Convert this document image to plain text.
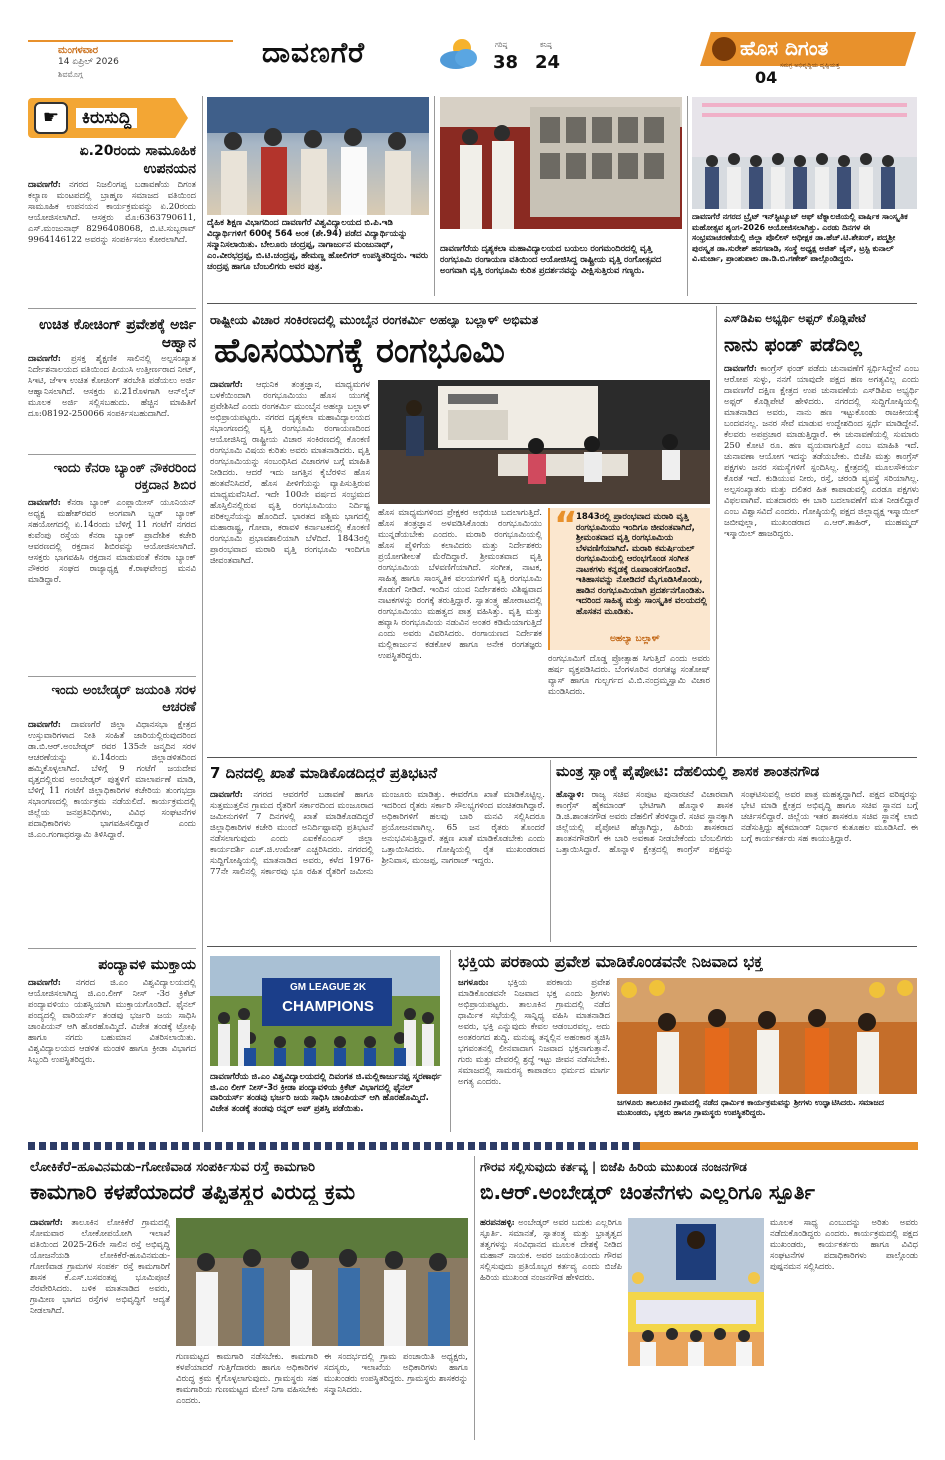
ಮಂಗಳವಾರ
14 ಏಪ್ರಿಲ್ 2026
ಶಿವಮೊಗ್ಗ
ದಾವಣಗೆರೆ	ಗರಿಷ್ಠ
38
ಕನಿಷ್ಠ
24
ಹೊಸ ದಿಗಂತ
ಸಮಗ್ರ ಅಭಿವೃದ್ಧಿಯ ದೃಷ್ಟಿಯತ್ತ
04
☛	ಕಿರುಸುದ್ದಿ
ಏ.20ರಂದು ಸಾಮೂಹಿಕ ಉಪನಯನ
ದಾವಣಗೆರೆ: ನಗರದ ನಿಜಲಿಂಗಪ್ಪ ಬಡಾವಣೆಯ ದಿಗಂತ ಕಲ್ಯಾಣ ಮಂಟಪದಲ್ಲಿ ಬ್ರಾಹ್ಮಣ ಸಮಾಜದ ವತಿಯಿಂದ ಸಾಮೂಹಿಕ ಉಪನಯನ ಕಾರ್ಯಕ್ರಮವನ್ನು ಏ.20ರಂದು ಆಯೋಜಿಸಲಾಗಿದೆ. ಆಸಕ್ತರು ಮೊ:6363790611, ಎಸ್.ಮಂಜುನಾಥ್ 8296408068, ಬಿ.ಟಿ.ಸುಬ್ಬರಾವ್ 9964146122 ಅವರನ್ನು ಸಂಪರ್ಕಿಸಲು ಕೋರಲಾಗಿದೆ.
ಉಚಿತ ಕೋಚಿಂಗ್ ಪ್ರವೇಶಕ್ಕೆ ಅರ್ಜಿ ಆಹ್ವಾನ
ದಾವಣಗೆರೆ: ಪ್ರಸಕ್ತ ಶೈಕ್ಷಣಿಕ ಸಾಲಿನಲ್ಲಿ ಅಲ್ಪಸಂಖ್ಯಾತ ನಿರ್ದೇಶನಾಲಯದ ವತಿಯಿಂದ ಪಿಯುಸಿ ಉತ್ತೀರ್ಣರಾದ ನೀಟ್, ಸಿಇಟಿ, ಜೆಇಇ ಉಚಿತ ಕೋಚಿಂಗ್ ತರಬೇತಿ ಪಡೆಯಲು ಅರ್ಜಿ ಆಹ್ವಾನಿಸಲಾಗಿದೆ. ಆಸಕ್ತರು ಏ.21ರೊಳಗಾಗಿ ಆನ್‌ಲೈನ್ ಮೂಲಕ ಅರ್ಜಿ ಸಲ್ಲಿಸಬಹುದು. ಹೆಚ್ಚಿನ ಮಾಹಿತಿಗೆ ದೂ:08192-250066 ಸಂಪರ್ಕಿಸಬಹುದಾಗಿದೆ.
ಇಂದು ಕೆನರಾ ಬ್ಯಾಂಕ್ ನೌಕರರಿಂದ ರಕ್ತದಾನ ಶಿಬಿರ
ದಾವಣಗೆರೆ: ಕೆನರಾ ಬ್ಯಾಂಕ್ ಎಂಪ್ಲಾಯೀಸ್ ಯೂನಿಯನ್ ಅಧ್ಯಕ್ಷ ಮಹೇಶ್‌ರವರ ಅಂಗವಾಗಿ ಬ್ಲಡ್ ಬ್ಯಾಂಕ್ ಸಹಯೋಗದಲ್ಲಿ ಏ.14ರಂದು ಬೆಳಿಗ್ಗೆ 11 ಗಂಟೆಗೆ ನಗರದ ಕುವೆಂಪು ರಸ್ತೆಯ ಕೆನರಾ ಬ್ಯಾಂಕ್ ಪ್ರಾದೇಶಿಕ ಕಚೇರಿ ಆವರಣದಲ್ಲಿ ರಕ್ತದಾನ ಶಿಬಿರವನ್ನು ಆಯೋಜಿಸಲಾಗಿದೆ. ಆಸಕ್ತರು ಭಾಗವಹಿಸಿ ರಕ್ತದಾನ ಮಾಡುವಂತೆ ಕೆನರಾ ಬ್ಯಾಂಕ್ ನೌಕರರ ಸಂಘದ ರಾಜ್ಯಾಧ್ಯಕ್ಷ ಕೆ.ರಾಘವೇಂದ್ರ ಮನವಿ ಮಾಡಿದ್ದಾರೆ.
ಇಂದು ಅಂಬೇಡ್ಕರ್ ಜಯಂತಿ ಸರಳ ಆಚರಣೆ
ದಾವಣಗೆರೆ: ದಾವಣಗೆರೆ ಜಿಲ್ಲಾ ವಿಧಾನಸಭಾ ಕ್ಷೇತ್ರದ ಉಸ್ತುವಾರಿಗಳಾದ ನೀತಿ ಸಂಹಿತೆ ಜಾರಿಯಲ್ಲಿರುವುದರಿಂದ ಡಾ.ಬಿ.ಆರ್.ಅಂಬೇಡ್ಕರ್ ರವರ 135ನೇ ಜನ್ಮದಿನ ಸರಳ ಆಚರಣೆಯನ್ನು ಏ.14ರಂದು ಜಿಲ್ಲಾಡಳಿತದಿಂದ ಹಮ್ಮಿಕೊಳ್ಳಲಾಗಿದೆ. ಬೆಳಿಗ್ಗೆ 9 ಗಂಟೆಗೆ ಜಯದೇವ ವೃತ್ತದಲ್ಲಿರುವ ಅಂಬೇಡ್ಕರ್ ಪುತ್ಥಳಿಗೆ ಮಾಲಾರ್ಪಣೆ ಮಾಡಿ, ಬೆಳಿಗ್ಗೆ 11 ಗಂಟೆಗೆ ಜಿಲ್ಲಾಧಿಕಾರಿಗಳ ಕಚೇರಿಯ ತುಂಗಭದ್ರಾ ಸಭಾಂಗಣದಲ್ಲಿ ಕಾರ್ಯಕ್ರಮ ನಡೆಯಲಿದೆ. ಕಾರ್ಯಕ್ರಮದಲ್ಲಿ ಜಿಲ್ಲೆಯ ಜನಪ್ರತಿನಿಧಿಗಳು, ವಿವಿಧ ಸಂಘಟನೆಗಳ ಪದಾಧಿಕಾರಿಗಳು ಭಾಗವಹಿಸಲಿದ್ದಾರೆ ಎಂದು ಜಿ.ಎಂ.ಗಂಗಾಧರಸ್ವಾಮಿ ತಿಳಿಸಿದ್ದಾರೆ.
ಪಂದ್ಯಾವಳಿ ಮುಕ್ತಾಯ
ದಾವಣಗೆರೆ: ನಗರದ ಜಿ.ಎಂ ವಿಶ್ವವಿದ್ಯಾಲಯದಲ್ಲಿ ಆಯೋಜಿಸಲಾಗಿದ್ದ ಜಿ.ಎಂ.ಲೀಗ್ ನೀಸ್ -3ರ ಕ್ರಿಕೆಟ್ ಪಂದ್ಯಾವಳಿಯು ಯಶಸ್ವಿಯಾಗಿ ಮುಕ್ತಾಯಗೊಂಡಿದೆ. ಫೈನಲ್ ಪಂದ್ಯದಲ್ಲಿ ವಾರಿಯರ್ಸ್ ತಂಡವು ಭರ್ಜರಿ ಜಯ ಸಾಧಿಸಿ ಚಾಂಪಿಯನ್ ಆಗಿ ಹೊರಹೊಮ್ಮಿದೆ. ವಿಜೇತ ತಂಡಕ್ಕೆ ಟ್ರೋಫಿ ಹಾಗೂ ನಗದು ಬಹುಮಾನ ವಿತರಿಸಲಾಯಿತು. ವಿಶ್ವವಿದ್ಯಾಲಯದ ಆಡಳಿತ ಮಂಡಳಿ ಹಾಗೂ ಕ್ರೀಡಾ ವಿಭಾಗದ ಸಿಬ್ಬಂದಿ ಉಪಸ್ಥಿತರಿದ್ದರು.
ದೈಹಿಕ ಶಿಕ್ಷಣ ವಿಭಾಗದಿಂದ ದಾವಣಗೆರೆ ವಿಶ್ವವಿದ್ಯಾಲಯದ ಬಿ.ಪಿ.ಇಡಿ ವಿದ್ಯಾರ್ಥಿಗಳಿಗೆ 600ಕ್ಕೆ 564 ಅಂಕ (ಶೇ.94) ಪಡೆದ ವಿದ್ಯಾರ್ಥಿಯನ್ನು ಸನ್ಮಾನಿಸಲಾಯಿತು. ಬೇಲೂರು ಚಂದ್ರಪ್ಪ, ನಾಗಾರ್ಜುನ ಮಂಜುನಾಥ್, ಎಂ.ವೀರಭದ್ರಪ್ಪ, ಬಿ.ಟಿ.ಚಂದ್ರಪ್ಪ, ಹೇಮಣ್ಣ ಹೋಲಿಗರ್ ಉಪಸ್ಥಿತರಿದ್ದರು. ಇವರು ಚಂದ್ರಪ್ಪ ಹಾಗೂ ಬೆಂಬಲಿಗರು ಅವರ ಪುತ್ರ.
ದಾವಣಗೆರೆಯ ದೃಶ್ಯಕಲಾ ಮಹಾವಿದ್ಯಾಲಯದ ಬಯಲು ರಂಗಮಂದಿರದಲ್ಲಿ ವೃತ್ತಿ ರಂಗಭೂಮಿ ರಂಗಾಯಣ ವತಿಯಿಂದ ಆಯೋಜಿಸಿದ್ದ ರಾಷ್ಟ್ರೀಯ ವೃತ್ತಿ ರಂಗೋತ್ಸವದ ಅಂಗವಾಗಿ ವೃತ್ತಿ ರಂಗಭೂಮಿ ಕುರಿತ ಪ್ರದರ್ಶನವನ್ನು ವೀಕ್ಷಿಸುತ್ತಿರುವ ಗಣ್ಯರು.
ದಾವಣಗೆರೆ ನಗರದ ಬ್ರೈಟ್ ಇನ್‌ಸ್ಟಿಟ್ಯೂಟ್ ಆಫ್ ಟೆಕ್ನಾಲಜಿಯಲ್ಲಿ ವಾರ್ಷಿಕ ಸಾಂಸ್ಕೃತಿಕ ಮಹೋತ್ಸವ ಶೃಂಗ-2026 ಆಯೋಜಿಸಲಾಗಿತ್ತು. ಎರಡು ದಿನಗಳ ಈ ಸಂಭ್ರಮಾಚರಣೆಯಲ್ಲಿ ಜಿಲ್ಲಾ ಪೊಲೀಸ್ ಅಧೀಕ್ಷಕ ಡಾ.ಹೆಚ್.ಟಿ.ಶೇಖರ್, ಪದ್ಮಶ್ರೀ ಪುರಸ್ಕೃತ ಡಾ.ಸುರೇಶ್ ಹನಗವಾಡಿ, ಸಂಸ್ಥೆ ಅಧ್ಯಕ್ಷ ಅಜಿತ್ ಜೈನ್, ಟ್ರಸ್ಟಿ ಕುನಾಲ್ ವಿ.ಮರ್ಚಾ, ಪ್ರಾಂಶುಪಾಲ ಡಾ.ಡಿ.ಬಿ.ಗಣೇಶ್ ಪಾಲ್ಗೊಂಡಿದ್ದರು.
ರಾಷ್ಟ್ರೀಯ ವಿಚಾರ ಸಂಕಿರಣದಲ್ಲಿ ಮುಂಬೈನ ರಂಗಕರ್ಮಿ ಅಹಲ್ಯಾ ಬಲ್ಲಾಳ್ ಅಭಿಮತ
ಹೊಸಯುಗಕ್ಕೆ ರಂಗಭೂಮಿ
ದಾವಣಗೆರೆ: ಆಧುನಿಕ ತಂತ್ರಜ್ಞಾನ, ಮಾಧ್ಯಮಗಳ ಬಳಕೆಯಿಂದಾಗಿ ರಂಗಭೂಮಿಯು ಹೊಸ ಯುಗಕ್ಕೆ ಪ್ರವೇಶಿಸಿದೆ ಎಂದು ರಂಗಕರ್ಮಿ ಮುಂಬೈನ ಅಹಲ್ಯಾ ಬಲ್ಲಾಳ್ ಅಭಿಪ್ರಾಯಪಟ್ಟರು. ನಗರದ ದೃಶ್ಯಕಲಾ ಮಹಾವಿದ್ಯಾಲಯದ ಸಭಾಂಗಣದಲ್ಲಿ ವೃತ್ತಿ ರಂಗಭೂಮಿ ರಂಗಾಯಣದಿಂದ ಆಯೋಜಿಸಿದ್ದ ರಾಷ್ಟ್ರೀಯ ವಿಚಾರ ಸಂಕಿರಣದಲ್ಲಿ ಕೊಂಕಣಿ ರಂಗಭೂಮಿ ವಿಷಯ ಕುರಿತು ಅವರು ಮಾತನಾಡಿದರು. ವೃತ್ತಿ ರಂಗಭೂಮಿಯನ್ನು ಸಂಬಂಧಿಸಿದ ವಿಚಾರಗಳ ಬಗ್ಗೆ ಮಾಹಿತಿ ನೀಡಿದರು. ಆದರೆ ಇದು ಜಗತ್ತಿನ ಕೈಬೆರಳಿನ ಹೊಸ ಹಂತವೆನಿಸಿದರೆ, ಹೊಸ ಪೀಳಿಗೆಯನ್ನು ವ್ಯಾಪಿಸುತ್ತಿರುವ ಮಾಧ್ಯಮವೆನಿಸಿದೆ. ಇದೇ 100ನೇ ವರ್ಷದ ಸಂಭ್ರಮದ ಹೊಸ್ತಿಲಿನಲ್ಲಿರುವ ವೃತ್ತಿ ರಂಗಭೂಮಿಯು ನಿರ್ದಿಷ್ಟ ಪರಿಕಲ್ಪನೆಯನ್ನು ಹೊಂದಿದೆ. ಭಾರತದ ಪಶ್ಚಿಮ ಭಾಗದಲ್ಲಿ ಮಹಾರಾಷ್ಟ್ರ, ಗೋವಾ, ಕರಾವಳಿ ಕರ್ನಾಟಕದಲ್ಲಿ ಕೊಂಕಣಿ ರಂಗಭೂಮಿ ಪ್ರಭಾವಶಾಲಿಯಾಗಿ ಬೆಳೆದಿದೆ. 1843ರಲ್ಲಿ ಪ್ರಾರಂಭವಾದ ಮರಾಠಿ ವೃತ್ತಿ ರಂಗಭೂಮಿ ಇಂದಿಗೂ ಜೀವಂತವಾಗಿದೆ.
ಹೊಸ ಮಾಧ್ಯಮಗಳಿಂದ ಪ್ರೇಕ್ಷಕರ ಅಭಿರುಚಿ ಬದಲಾಗುತ್ತಿದೆ. ಹೊಸ ತಂತ್ರಜ್ಞಾನ ಅಳವಡಿಸಿಕೊಂಡು ರಂಗಭೂಮಿಯು ಮುನ್ನಡೆಯಬೇಕು ಎಂದರು. ಮರಾಠಿ ರಂಗಭೂಮಿಯಲ್ಲಿ ಹೊಸ ಪೈಳಿಗೆಯ ಕಲಾವಿದರು ಮತ್ತು ನಿರ್ದೇಶಕರು ಪ್ರಯೋಗಶೀಲತೆ ಮೆರೆದಿದ್ದಾರೆ. ಶ್ರೀಮಂತವಾದ ವೃತ್ತಿ ರಂಗಭೂಮಿಯ ಬೆಳವಣಿಗೆಯಾಗಿದೆ. ಸಂಗೀತ, ನಾಟಕ, ಸಾಹಿತ್ಯ ಹಾಗೂ ಸಾಂಸ್ಕೃತಿಕ ವಲಯಗಳಿಗೆ ವೃತ್ತಿ ರಂಗಭೂಮಿ ಕೊಡುಗೆ ನೀಡಿದೆ. ಇಂದಿನ ಯುವ ನಿರ್ದೇಶಕರು ವಿಶಿಷ್ಟವಾದ ನಾಟಕಗಳನ್ನು ರಂಗಕ್ಕೆ ತರುತ್ತಿದ್ದಾರೆ. ಸ್ವಾತಂತ್ರ್ಯ ಹೋರಾಟದಲ್ಲಿ ರಂಗಭೂಮಿಯು ಮಹತ್ವದ ಪಾತ್ರ ವಹಿಸಿತ್ತು. ವೃತ್ತಿ ಮತ್ತು ಹವ್ಯಾಸಿ ರಂಗಭೂಮಿಯ ನಡುವಿನ ಅಂತರ ಕಡಿಮೆಯಾಗುತ್ತಿದೆ ಎಂದು ಅವರು ವಿವರಿಸಿದರು. ರಂಗಾಯಣದ ನಿರ್ದೇಶಕ ಮಲ್ಲಿಕಾರ್ಜುನ ಕಡಕೋಳ ಹಾಗೂ ಅನೇಕ ರಂಗತಜ್ಞರು ಉಪಸ್ಥಿತರಿದ್ದರು.
“
1843ರಲ್ಲಿ ಪ್ರಾರಂಭವಾದ ಮರಾಠಿ ವೃತ್ತಿ ರಂಗಭೂಮಿಯು ಇಂದಿಗೂ ಜೀವಂತವಾಗಿದೆ, ಶ್ರೀಮಂತವಾದ ವೃತ್ತಿ ರಂಗಭೂಮಿಯ ಬೆಳವಣಿಗೆಯಾಗಿದೆ. ಮರಾಠಿ ಕಮರ್ಷಿಯಲ್ ರಂಗಭೂಮಿಯಲ್ಲಿ ಆರಂಭಗೊಂಡ ಸಂಗೀತ ನಾಟಕಗಳು ಕನ್ನಡಕ್ಕೆ ರೂಪಾಂತರಗೊಂಡಿವೆ. ಇತಿಹಾಸವನ್ನು ನೋಡಿದರೆ ಮೈಗೂಡಿಸಿಕೊಂಡು, ಹಾಡಿನ ರಂಗಭೂಮಿಯಾಗಿ ಪ್ರದರ್ಶನಗೊಂಡಿತು. ಇದರಿಂದ ಸಾಹಿತ್ಯ ಮತ್ತು ಸಾಂಸ್ಕೃತಿಕ ವಲಯದಲ್ಲಿ ಹೊಸತನ ಮೂಡಿತು.
ಅಹಲ್ಯಾ ಬಲ್ಲಾಳ್
ರಂಗಭೂಮಿಗೆ ದೊಡ್ಡ ಪ್ರೋತ್ಸಾಹ ಸಿಗುತ್ತಿದೆ ಎಂದು ಅವರು ಹರ್ಷ ವ್ಯಕ್ತಪಡಿಸಿದರು. ಬೆಂಗಳೂರಿನ ರಂಗತಜ್ಞ ಸಂತೋಷ್ ವ್ಯಾಸ್ ಹಾಗೂ ಗುಲ್ಬರ್ಗದ ವಿ.ಬಿ.ನಂದ್ರಮ್ಮಸ್ವಾಮಿ ವಿಚಾರ ಮಂಡಿಸಿದರು.
ಎಸ್‌ಡಿಪಿಐ ಅಭ್ಯರ್ಥಿ ಅಫ್ಸರ್ ಕೊಡ್ಲಿಪೇಟೆ
ನಾನು ಫಂಡ್ ಪಡೆದಿಲ್ಲ
ದಾವಣಗೆರೆ: ಕಾಂಗ್ರೆಸ್ ಫಂಡ್ ಪಡೆದು ಚುನಾವಣೆಗೆ ಸ್ಪರ್ಧಿಸಿದ್ದೇನೆ ಎಂಬ ಆರೋಪ ಸುಳ್ಳು, ನನಗೆ ಯಾವುದೇ ಪಕ್ಷದ ಹಣ ಅಗತ್ಯವಿಲ್ಲ ಎಂದು ದಾವಣಗೆರೆ ದಕ್ಷಿಣ ಕ್ಷೇತ್ರದ ಉಪ ಚುನಾವಣೆಯ ಎಸ್‌ಡಿಪಿಐ ಅಭ್ಯರ್ಥಿ ಅಫ್ಸರ್ ಕೊಡ್ಲಿಪೇಟೆ ಹೇಳಿದರು. ನಗರದಲ್ಲಿ ಸುದ್ದಿಗೋಷ್ಠಿಯಲ್ಲಿ ಮಾತನಾಡಿದ ಅವರು, ನಾನು ಹಣ ಇಟ್ಟುಕೊಂಡು ರಾಜಕೀಯಕ್ಕೆ ಬಂದವನಲ್ಲ. ಜನರ ಸೇವೆ ಮಾಡುವ ಉದ್ದೇಶದಿಂದ ಸ್ಪರ್ಧೆ ಮಾಡಿದ್ದೇನೆ. ಕೆಲವರು ಅಪಪ್ರಚಾರ ಮಾಡುತ್ತಿದ್ದಾರೆ. ಈ ಚುನಾವಣೆಯಲ್ಲಿ ಸುಮಾರು 250 ಕೋಟಿ ರೂ. ಹಣ ವ್ಯಯವಾಗುತ್ತಿದೆ ಎಂಬ ಮಾಹಿತಿ ಇದೆ. ಚುನಾವಣಾ ಆಯೋಗ ಇದನ್ನು ತಡೆಯಬೇಕು. ಬಿಜೆಪಿ ಮತ್ತು ಕಾಂಗ್ರೆಸ್ ಪಕ್ಷಗಳು ಜನರ ಸಮಸ್ಯೆಗಳಿಗೆ ಸ್ಪಂದಿಸಿಲ್ಲ. ಕ್ಷೇತ್ರದಲ್ಲಿ ಮೂಲಸೌಕರ್ಯ ಕೊರತೆ ಇದೆ. ಕುಡಿಯುವ ನೀರು, ರಸ್ತೆ, ಚರಂಡಿ ವ್ಯವಸ್ಥೆ ಸರಿಯಾಗಿಲ್ಲ. ಅಲ್ಪಸಂಖ್ಯಾತರು ಮತ್ತು ದಲಿತರ ಹಿತ ಕಾಪಾಡುವಲ್ಲಿ ಎರಡೂ ಪಕ್ಷಗಳು ವಿಫಲವಾಗಿವೆ. ಮತದಾರರು ಈ ಬಾರಿ ಬದಲಾವಣೆಗೆ ಮತ ನೀಡಲಿದ್ದಾರೆ ಎಂಬ ವಿಶ್ವಾಸವಿದೆ ಎಂದರು. ಗೋಷ್ಠಿಯಲ್ಲಿ ಪಕ್ಷದ ಜಿಲ್ಲಾಧ್ಯಕ್ಷ ಇಸ್ಮಾಯಿಲ್ ಜಬೀವುಲ್ಲಾ, ಮುಖಂಡರಾದ ಎ.ಆರ್.ತಾಹಿರ್, ಮುಹಮ್ಮದ್ ಇಸ್ಮಾಯಿಲ್ ಹಾಜರಿದ್ದರು.
7 ದಿನದಲ್ಲಿ ಖಾತೆ ಮಾಡಿಕೊಡದಿದ್ದರೆ ಪ್ರತಿಭಟನೆ
ದಾವಣಗೆರೆ: ನಗರದ ಆವರಗೆರೆ ಬಡಾವಣೆ ಹಾಗೂ ಸುತ್ತಮುತ್ತಲಿನ ಗ್ರಾಮದ ರೈತರಿಗೆ ಸರ್ಕಾರದಿಂದ ಮಂಜೂರಾದ ಜಮೀನುಗಳಿಗೆ 7 ದಿನಗಳಲ್ಲಿ ಖಾತೆ ಮಾಡಿಕೊಡದಿದ್ದರೆ ಜಿಲ್ಲಾಧಿಕಾರಿಗಳ ಕಚೇರಿ ಮುಂದೆ ಅನಿರ್ದಿಷ್ಟಾವಧಿ ಪ್ರತಿಭಟನೆ ನಡೆಸಲಾಗುವುದು ಎಂದು ಎಐಕೆಕೆಎಂಎಸ್ ಜಿಲ್ಲಾ ಕಾರ್ಯದರ್ಶಿ ಎಚ್.ಜಿ.ಉಮೇಶ್ ಎಚ್ಚರಿಸಿದರು. ನಗರದಲ್ಲಿ ಸುದ್ದಿಗೋಷ್ಠಿಯಲ್ಲಿ ಮಾತನಾಡಿದ ಅವರು, ಕಳೆದ 1976-77ನೇ ಸಾಲಿನಲ್ಲಿ ಸರ್ಕಾರವು ಭೂ ರಹಿತ ರೈತರಿಗೆ ಜಮೀನು ಮಂಜೂರು ಮಾಡಿತ್ತು. ಈವರೆಗೂ ಖಾತೆ ಮಾಡಿಕೊಟ್ಟಿಲ್ಲ. ಇದರಿಂದ ರೈತರು ಸರ್ಕಾರಿ ಸೌಲಭ್ಯಗಳಿಂದ ವಂಚಿತರಾಗಿದ್ದಾರೆ. ಅಧಿಕಾರಿಗಳಿಗೆ ಹಲವು ಬಾರಿ ಮನವಿ ಸಲ್ಲಿಸಿದರೂ ಪ್ರಯೋಜನವಾಗಿಲ್ಲ. 65 ಜನ ರೈತರು ತೊಂದರೆ ಅನುಭವಿಸುತ್ತಿದ್ದಾರೆ. ತಕ್ಷಣ ಖಾತೆ ಮಾಡಿಕೊಡಬೇಕು ಎಂದು ಒತ್ತಾಯಿಸಿದರು. ಗೋಷ್ಠಿಯಲ್ಲಿ ರೈತ ಮುಖಂಡರಾದ ಶ್ರೀನಿವಾಸ, ಮಂಜಪ್ಪ, ನಾಗರಾಜ್ ಇದ್ದರು.
ಮಂತ್ರ ಸ್ವಾಂಕ್ಕೆ ಪೈಪೋಟಿ: ದೆಹಲಿಯಲ್ಲಿ ಶಾಸಕ ಶಾಂತನಗೌಡ
ಹೊನ್ನಾಳಿ: ರಾಜ್ಯ ಸಚಿವ ಸಂಪುಟ ಪುನಾರಚನೆ ವಿಚಾರವಾಗಿ ಕಾಂಗ್ರೆಸ್ ಹೈಕಮಾಂಡ್ ಭೇಟಿಗಾಗಿ ಹೊನ್ನಾಳಿ ಶಾಸಕ ಡಿ.ಜಿ.ಶಾಂತನಗೌಡ ಅವರು ದೆಹಲಿಗೆ ತೆರಳಿದ್ದಾರೆ. ಸಚಿವ ಸ್ಥಾನಕ್ಕಾಗಿ ಜಿಲ್ಲೆಯಲ್ಲಿ ಪೈಪೋಟಿ ಹೆಚ್ಚಾಗಿದ್ದು, ಹಿರಿಯ ಶಾಸಕರಾದ ಶಾಂತನಗೌಡರಿಗೆ ಈ ಬಾರಿ ಅವಕಾಶ ನೀಡಬೇಕೆಂದು ಬೆಂಬಲಿಗರು ಒತ್ತಾಯಿಸಿದ್ದಾರೆ. ಹೊನ್ನಾಳಿ ಕ್ಷೇತ್ರದಲ್ಲಿ ಕಾಂಗ್ರೆಸ್ ಪಕ್ಷವನ್ನು ಸಂಘಟಿಸುವಲ್ಲಿ ಅವರ ಪಾತ್ರ ಮಹತ್ವದ್ದಾಗಿದೆ. ಪಕ್ಷದ ವರಿಷ್ಠರನ್ನು ಭೇಟಿ ಮಾಡಿ ಕ್ಷೇತ್ರದ ಅಭಿವೃದ್ಧಿ ಹಾಗೂ ಸಚಿವ ಸ್ಥಾನದ ಬಗ್ಗೆ ಚರ್ಚಿಸಲಿದ್ದಾರೆ. ಜಿಲ್ಲೆಯ ಇತರ ಶಾಸಕರೂ ಸಚಿವ ಸ್ಥಾನಕ್ಕೆ ಲಾಬಿ ನಡೆಸುತ್ತಿದ್ದು ಹೈಕಮಾಂಡ್ ನಿರ್ಧಾರ ಕುತೂಹಲ ಮೂಡಿಸಿದೆ. ಈ ಬಗ್ಗೆ ಕಾರ್ಯಕರ್ತರು ಸಹ ಕಾಯುತ್ತಿದ್ದಾರೆ.
GM LEAGUE 2K
CHAMPIONS
ದಾವಣಗೆರೆಯ ಜಿ.ಎಂ ವಿಶ್ವವಿದ್ಯಾಲಯದಲ್ಲಿ ದಿವಂಗತ ಜಿ.ಮಲ್ಲಿಕಾರ್ಜುನಪ್ಪ ಸ್ಮರಣಾರ್ಥ ಜಿ.ಎಂ ಲೀಗ್ ನೀಸ್-3ರ ಕ್ರೀಡಾ ಪಂದ್ಯಾವಳಿಯ ಕ್ರಿಕೆಟ್ ವಿಭಾಗದಲ್ಲಿ ಫೈನಲ್ ವಾರಿಯರ್ಸ್ ತಂಡವು ಭರ್ಜರಿ ಜಯ ಸಾಧಿಸಿ ಚಾಂಪಿಯನ್ ಆಗಿ ಹೊರಹೊಮ್ಮಿದೆ. ವಿಜೇತ ತಂಡಕ್ಕೆ ತಂಡವು ರನ್ನರ್ ಅಪ್ ಪ್ರಶಸ್ತಿ ಪಡೆಯಿತು.
ಭಕ್ತಿಯ ಪರಕಾಯ ಪ್ರವೇಶ ಮಾಡಿಕೊಂಡವನೇ ನಿಜವಾದ ಭಕ್ತ
ಜಗಳೂರು: ಭಕ್ತಿಯ ಪರಕಾಯ ಪ್ರವೇಶ ಮಾಡಿಕೊಂಡವನೇ ನಿಜವಾದ ಭಕ್ತ ಎಂದು ಶ್ರೀಗಳು ಅಭಿಪ್ರಾಯಪಟ್ಟರು. ತಾಲೂಕಿನ ಗ್ರಾಮದಲ್ಲಿ ನಡೆದ ಧಾರ್ಮಿಕ ಸಭೆಯಲ್ಲಿ ಸಾನ್ನಿಧ್ಯ ವಹಿಸಿ ಮಾತನಾಡಿದ ಅವರು, ಭಕ್ತಿ ಎನ್ನುವುದು ಕೇವಲ ಆಡಂಬರವಲ್ಲ. ಅದು ಅಂತರಂಗದ ಶುದ್ಧಿ. ಮನುಷ್ಯ ತನ್ನಲ್ಲಿನ ಅಹಂಕಾರ ತ್ಯಜಿಸಿ ಭಗವಂತನಲ್ಲಿ ಲೀನವಾದಾಗ ನಿಜವಾದ ಭಕ್ತನಾಗುತ್ತಾನೆ. ಗುರು ಮತ್ತು ದೇವರಲ್ಲಿ ಶ್ರದ್ಧೆ ಇಟ್ಟು ಜೀವನ ನಡೆಸಬೇಕು. ಸಮಾಜದಲ್ಲಿ ಸಾಮರಸ್ಯ ಕಾಪಾಡಲು ಧರ್ಮದ ಮಾರ್ಗ ಅಗತ್ಯ ಎಂದರು.
ಜಗಳೂರು ತಾಲೂಕಿನ ಗ್ರಾಮದಲ್ಲಿ ನಡೆದ ಧಾರ್ಮಿಕ ಕಾರ್ಯಕ್ರಮವನ್ನು ಶ್ರೀಗಳು ಉದ್ಘಾಟಿಸಿದರು. ಸಮಾಜದ ಮುಖಂಡರು, ಭಕ್ತರು ಹಾಗೂ ಗ್ರಾಮಸ್ಥರು ಉಪಸ್ಥಿತರಿದ್ದರು.
ಲೋಕಿಕೆರೆ–ಹೂವಿನಮಡು–ಗೋಣಿವಾಡ ಸಂಪರ್ಕಿಸುವ ರಸ್ತೆ ಕಾಮಗಾರಿ
ಕಾಮಗಾರಿ ಕಳಪೆಯಾದರೆ ತಪ್ಪಿತಸ್ಥರ ವಿರುದ್ಧ ಕ್ರಮ
ದಾವಣಗೆರೆ: ತಾಲೂಕಿನ ಲೋಕಿಕೆರೆ ಗ್ರಾಮದಲ್ಲಿ ಸೋಮವಾರ ಲೋಕೋಪಯೋಗಿ ಇಲಾಖೆ ವತಿಯಿಂದ 2025-26ನೇ ಸಾಲಿನ ರಸ್ತೆ ಅಭಿವೃದ್ಧಿ ಯೋಜನೆಯಡಿ ಲೋಕಿಕೆರೆ-ಹೂವಿನಮಡು-ಗೋಣಿವಾಡ ಗ್ರಾಮಗಳ ಸಂಪರ್ಕ ರಸ್ತೆ ಕಾಮಗಾರಿಗೆ ಶಾಸಕ ಕೆ.ಎಸ್.ಬಸವಂತಪ್ಪ ಭೂಮಿಪೂಜೆ ನೆರವೇರಿಸಿದರು. ಬಳಿಕ ಮಾತನಾಡಿದ ಅವರು, ಗ್ರಾಮೀಣ ಭಾಗದ ರಸ್ತೆಗಳ ಅಭಿವೃದ್ಧಿಗೆ ಆದ್ಯತೆ ನೀಡಲಾಗಿದೆ.
ಗುಣಮಟ್ಟದ ಕಾಮಗಾರಿ ನಡೆಸಬೇಕು. ಕಾಮಗಾರಿ ಕಳಪೆಯಾದರೆ ಗುತ್ತಿಗೆದಾರರು ಹಾಗೂ ಅಧಿಕಾರಿಗಳ ವಿರುದ್ಧ ಕ್ರಮ ಕೈಗೊಳ್ಳಲಾಗುವುದು. ಗ್ರಾಮಸ್ಥರು ಸಹ ಕಾಮಗಾರಿಯ ಗುಣಮಟ್ಟದ ಮೇಲೆ ನಿಗಾ ವಹಿಸಬೇಕು ಎಂದರು.
ಈ ಸಂದರ್ಭದಲ್ಲಿ ಗ್ರಾಮ ಪಂಚಾಯಿತಿ ಅಧ್ಯಕ್ಷರು, ಸದಸ್ಯರು, ಇಲಾಖೆಯ ಅಧಿಕಾರಿಗಳು ಹಾಗೂ ಮುಖಂಡರು ಉಪಸ್ಥಿತರಿದ್ದರು. ಗ್ರಾಮಸ್ಥರು ಶಾಸಕರನ್ನು ಸನ್ಮಾನಿಸಿದರು.
ಗೌರವ ಸಲ್ಲಿಸುವುದು ಕರ್ತವ್ಯ | ಬಿಜೆಪಿ ಹಿರಿಯ ಮುಖಂಡ ನಂಜನಗೌಡ
ಬಿ.ಆರ್.ಅಂಬೇಡ್ಕರ್ ಚಿಂತನೆಗಳು ಎಲ್ಲರಿಗೂ ಸ್ಫೂರ್ತಿ
ಹರಪನಹಳ್ಳಿ: ಅಂಬೇಡ್ಕರ್ ಅವರ ಬದುಕು ಎಲ್ಲರಿಗೂ ಸ್ಫೂರ್ತಿ. ಸಮಾನತೆ, ಸ್ವಾತಂತ್ರ್ಯ ಮತ್ತು ಭ್ರಾತೃತ್ವದ ತತ್ವಗಳನ್ನು ಸಂವಿಧಾನದ ಮೂಲಕ ದೇಶಕ್ಕೆ ನೀಡಿದ ಮಹಾನ್ ನಾಯಕ. ಅವರ ಜಯಂತಿಯಂದು ಗೌರವ ಸಲ್ಲಿಸುವುದು ಪ್ರತಿಯೊಬ್ಬರ ಕರ್ತವ್ಯ ಎಂದು ಬಿಜೆಪಿ ಹಿರಿಯ ಮುಖಂಡ ನಂಜನಗೌಡ ಹೇಳಿದರು.
ಮೂಲಕ ಸಾಧ್ಯ ಎಂಬುದನ್ನು ಅರಿತು ಅವರು ನಡೆದುಕೊಂಡಿದ್ದರು ಎಂದರು. ಕಾರ್ಯಕ್ರಮದಲ್ಲಿ ಪಕ್ಷದ ಮುಖಂಡರು, ಕಾರ್ಯಕರ್ತರು ಹಾಗೂ ವಿವಿಧ ಸಂಘಟನೆಗಳ ಪದಾಧಿಕಾರಿಗಳು ಪಾಲ್ಗೊಂಡು ಪುಷ್ಪನಮನ ಸಲ್ಲಿಸಿದರು.
